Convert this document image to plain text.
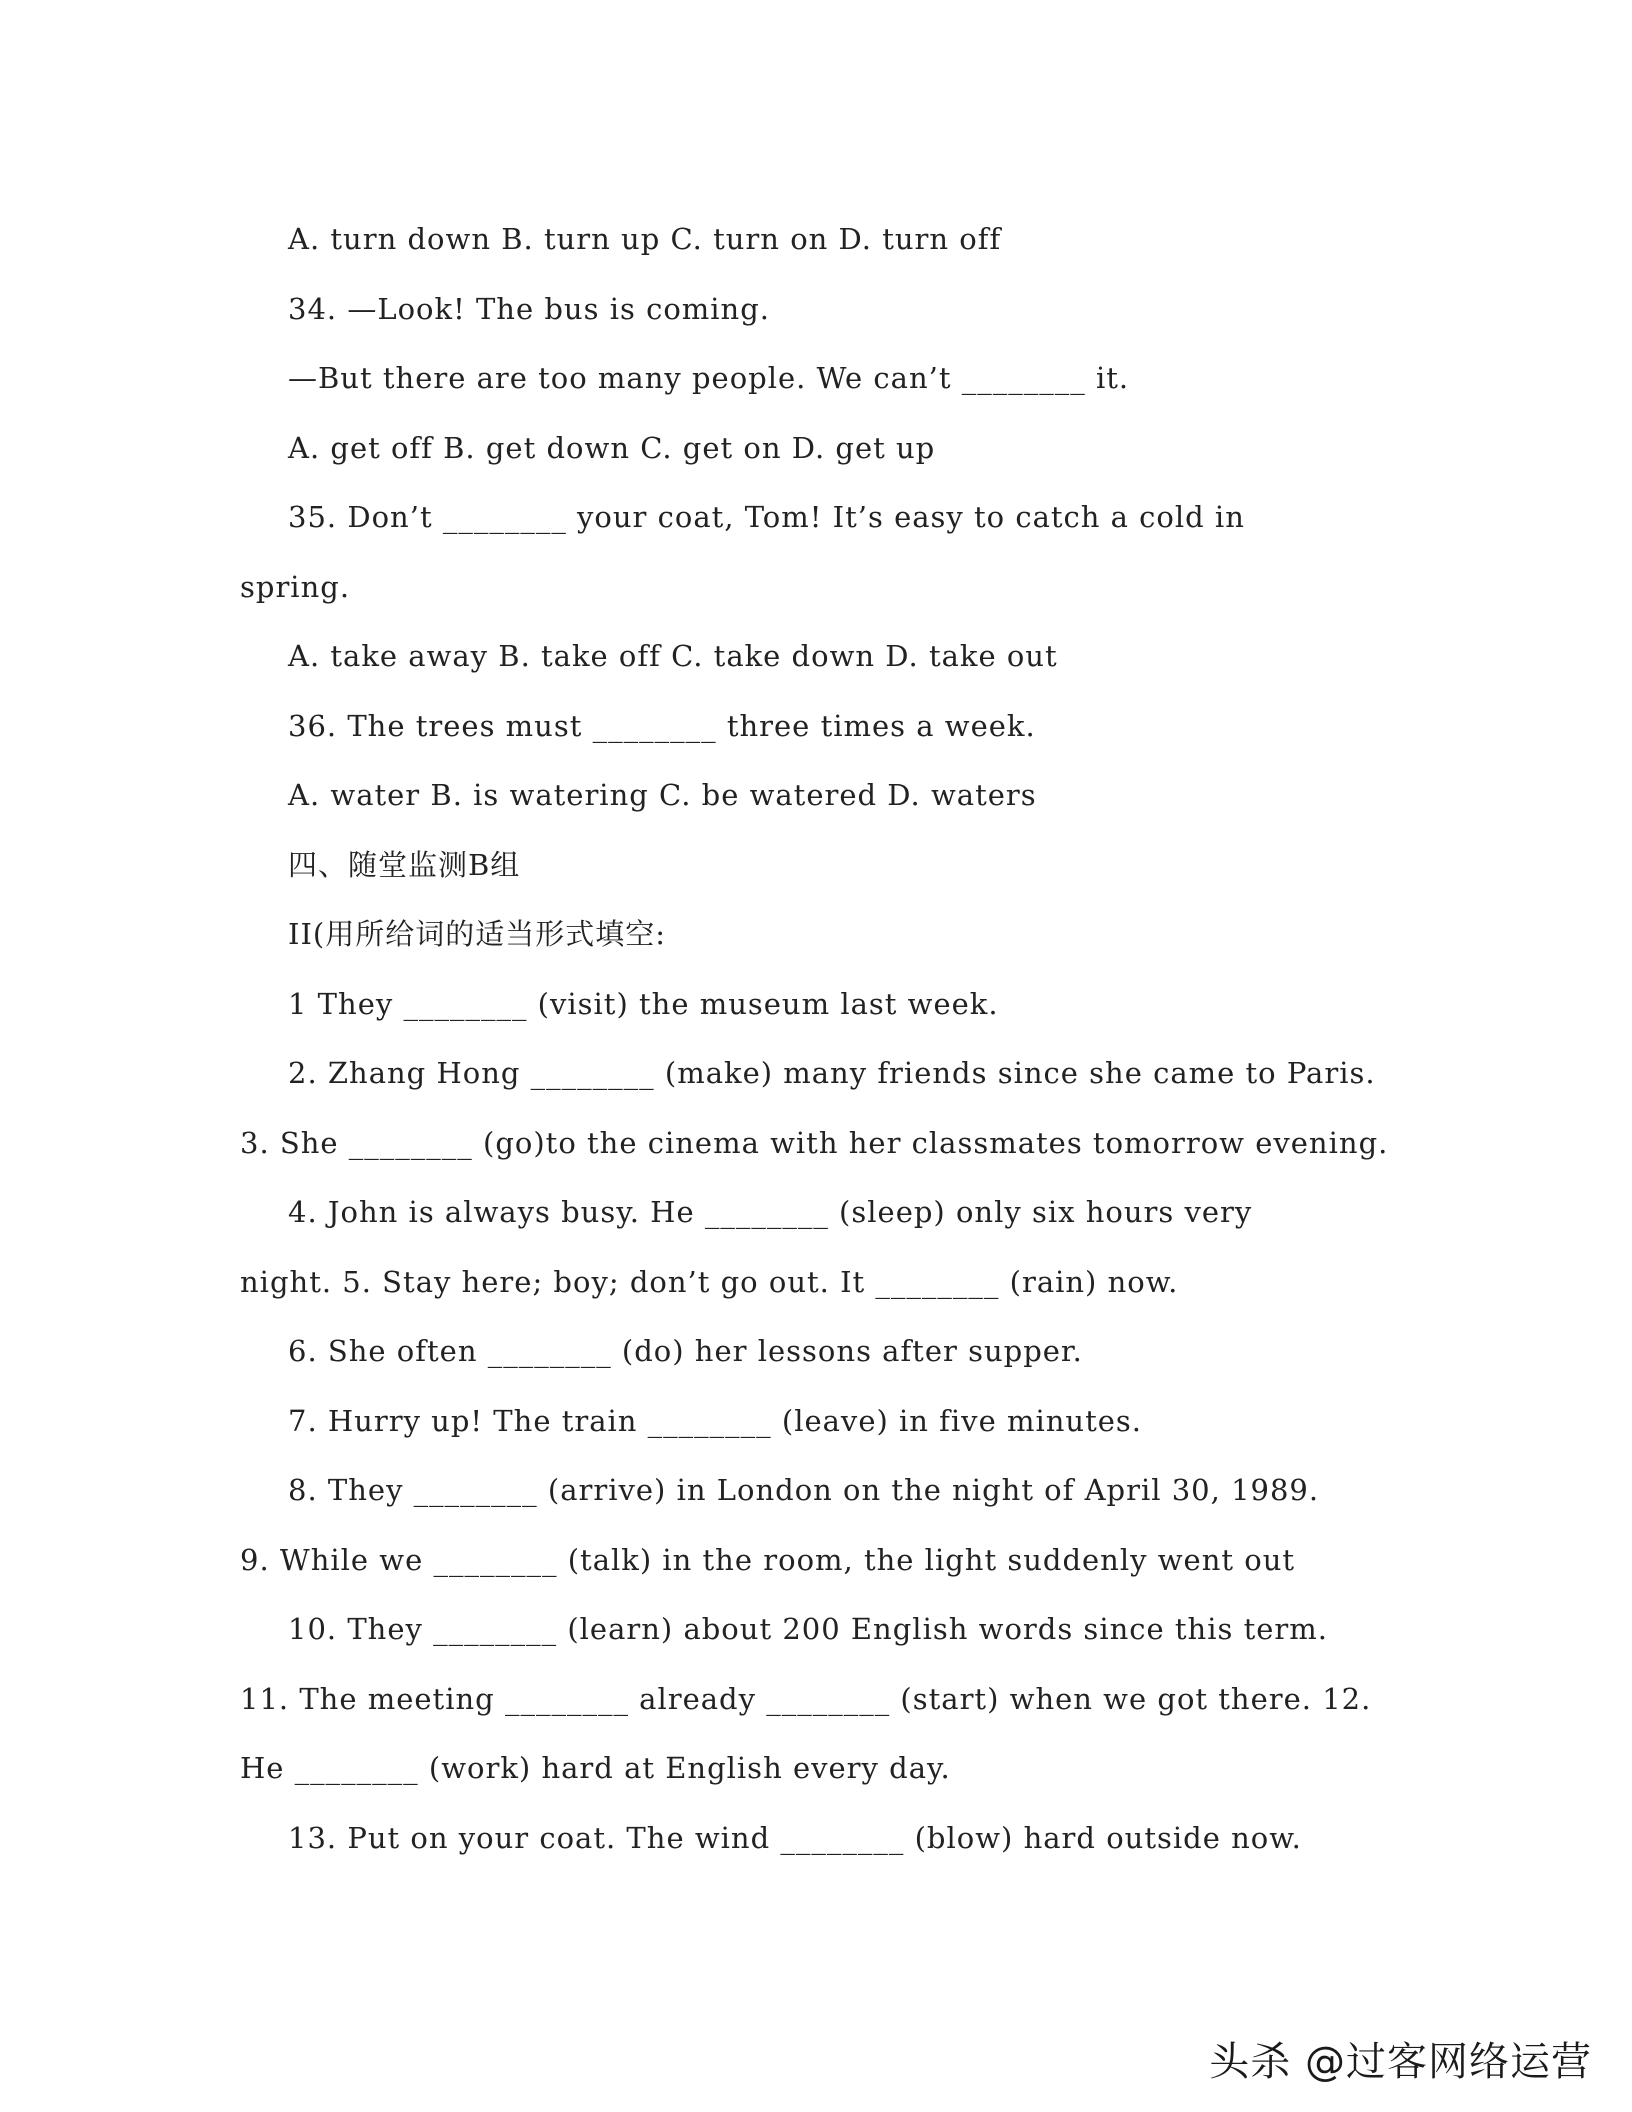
A. turn down B. turn up C. turn on D. turn off
34. —Look! The bus is coming.
—But there are too many people. We can’t ________ it.
A. get off B. get down C. get on D. get up
35. Don’t ________ your coat, Tom! It’s easy to catch a cold in
spring.
A. take away B. take off C. take down D. take out
36. The trees must ________ three times a week.
A. water B. is watering C. be watered D. waters
四、随堂监测B组
II(用所给词的适当形式填空:
1 They ________ (visit) the museum last week.
2. Zhang Hong ________ (make) many friends since she came to Paris.
3. She ________ (go)to the cinema with her classmates tomorrow evening.
4. John is always busy. He ________ (sleep) only six hours very
night. 5. Stay here; boy; don’t go out. It ________ (rain) now.
6. She often ________ (do) her lessons after supper.
7. Hurry up! The train ________ (leave) in five minutes.
8. They ________ (arrive) in London on the night of April 30, 1989.
9. While we ________ (talk) in the room, the light suddenly went out
10. They ________ (learn) about 200 English words since this term.
11. The meeting ________ already ________ (start) when we got there. 12.
He ________ (work) hard at English every day.
13. Put on your coat. The wind ________ (blow) hard outside now.
头杀 @过客网络运营
